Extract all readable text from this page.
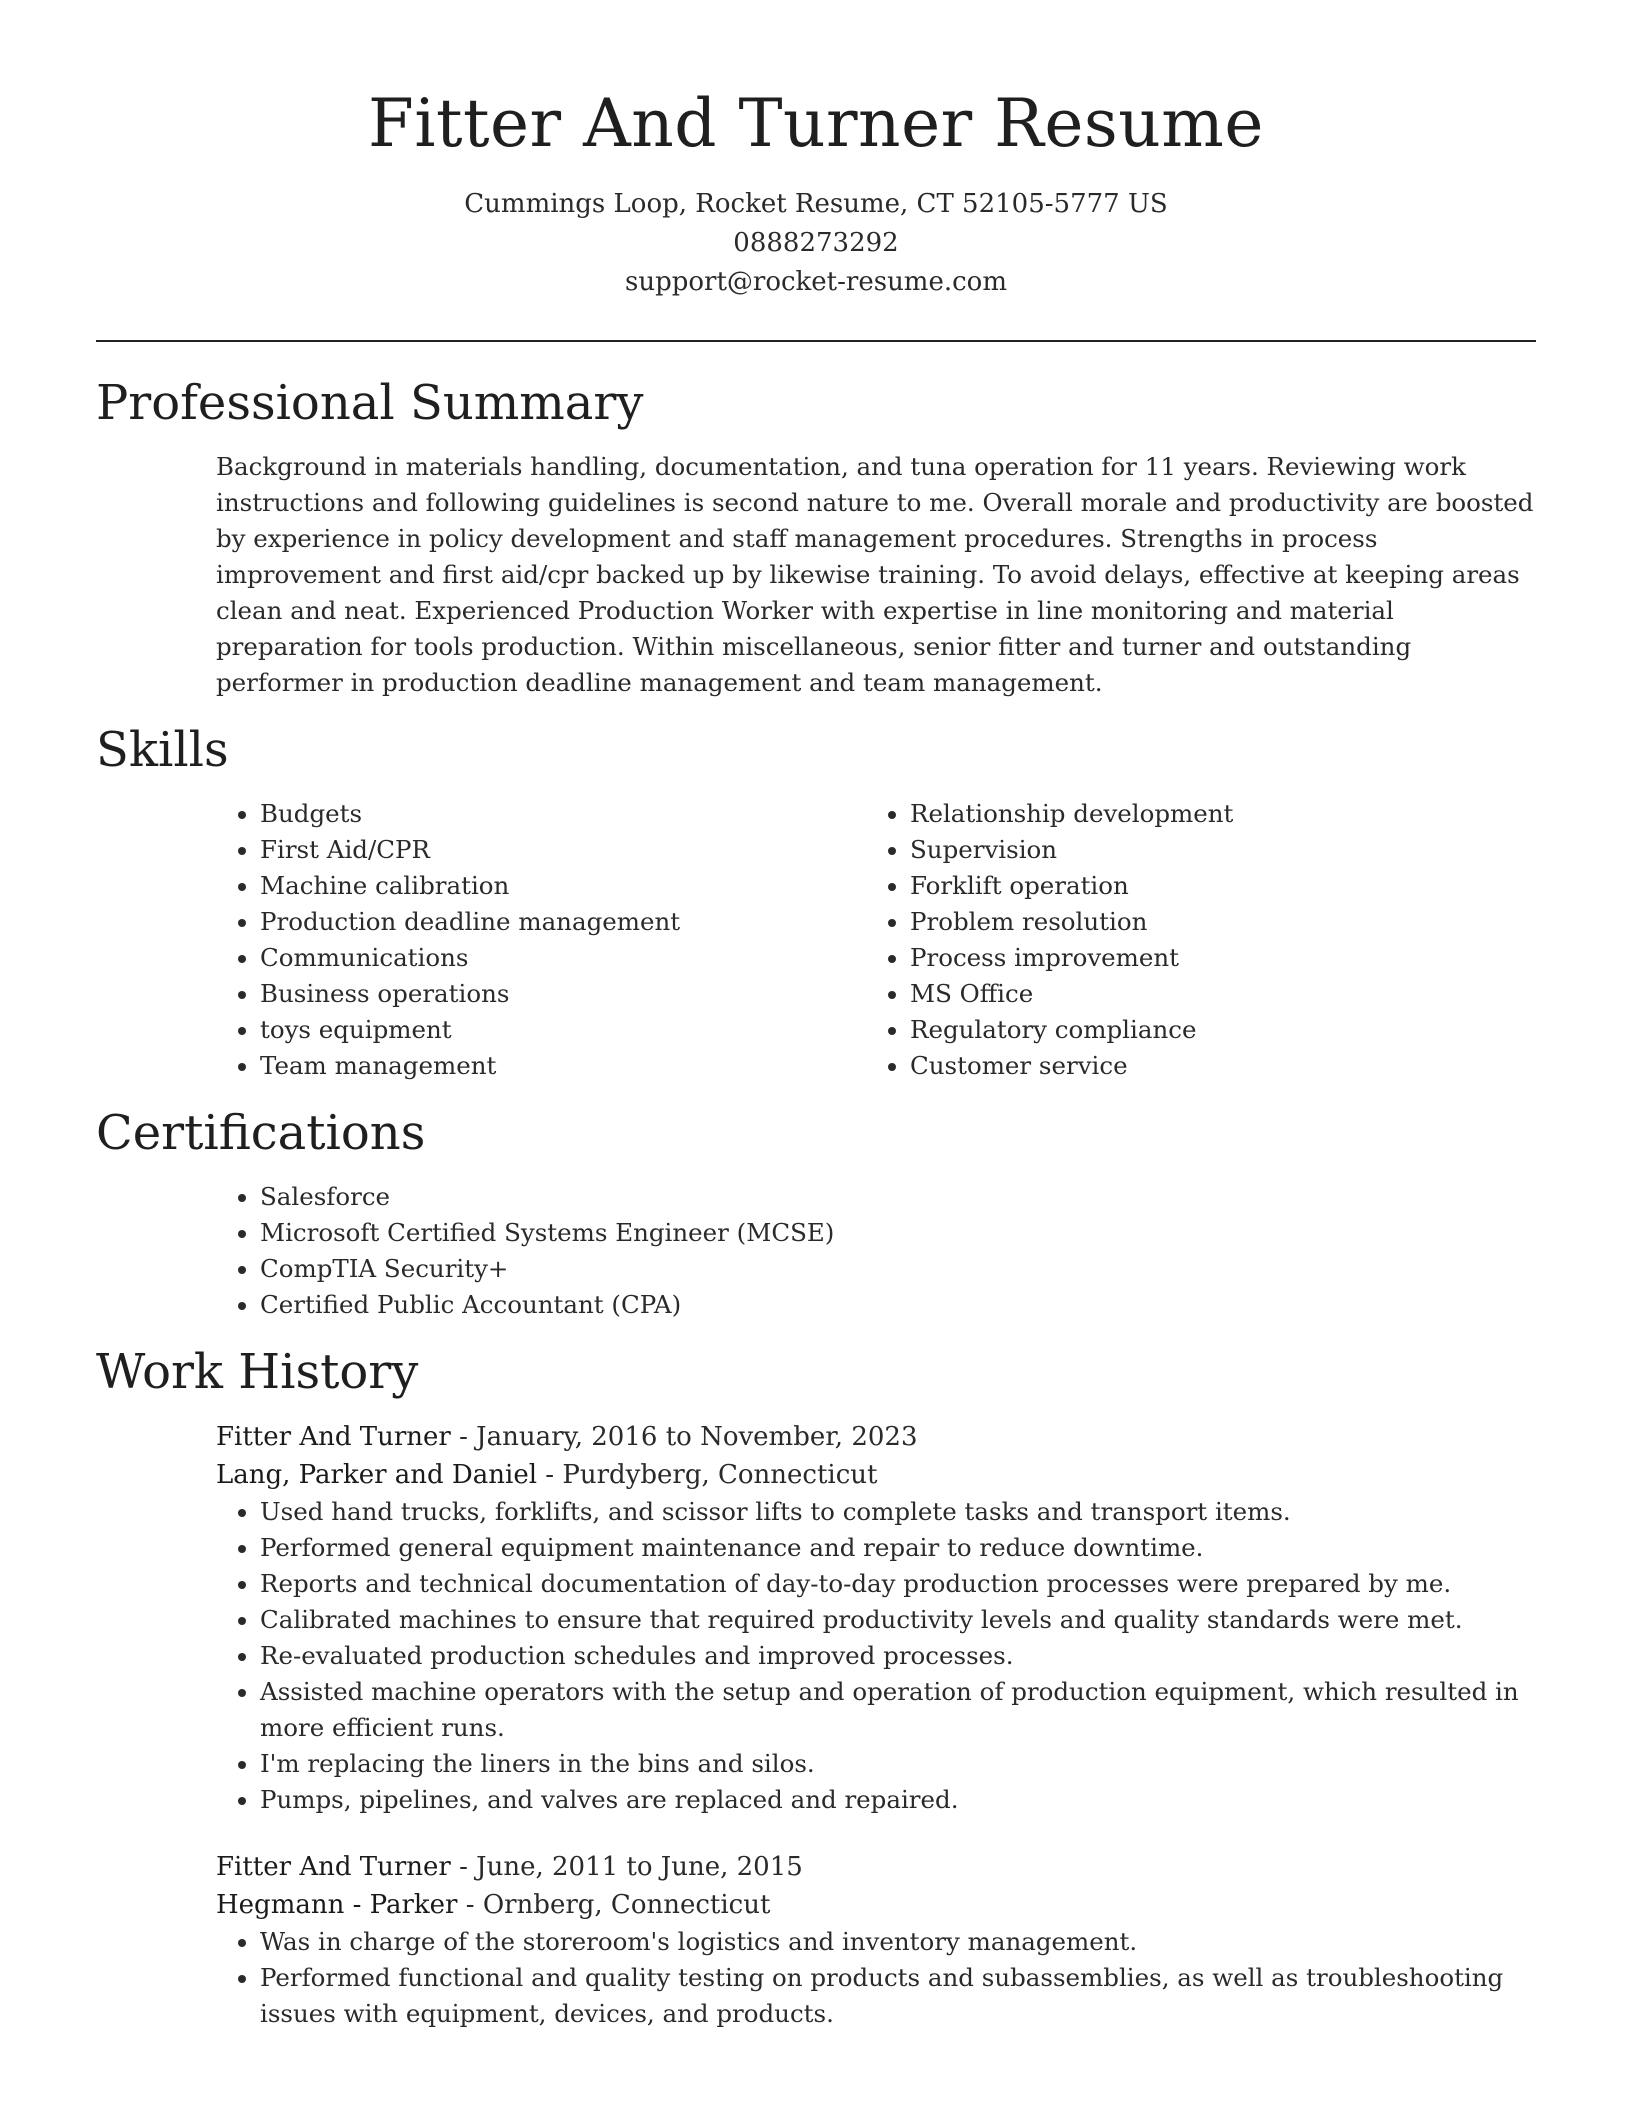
Fitter And Turner Resume
Cummings Loop, Rocket Resume, CT 52105-5777 US
0888273292
support@rocket-resume.com
Professional Summary
Background in materials handling, documentation, and tuna operation for 11 years. Reviewing work instructions and following guidelines is second nature to me. Overall morale and productivity are boosted by experience in policy development and staff management procedures. Strengths in process improvement and first aid/cpr backed up by likewise training. To avoid delays, effective at keeping areas clean and neat. Experienced Production Worker with expertise in line monitoring and material preparation for tools production. Within miscellaneous, senior fitter and turner and outstanding performer in production deadline management and team management.
Skills
• Budgets
• First Aid/CPR
• Machine calibration
• Production deadline management
• Communications
• Business operations
• toys equipment
• Team management
• Relationship development
• Supervision
• Forklift operation
• Problem resolution
• Process improvement
• MS Office
• Regulatory compliance
• Customer service
Certifications
• Salesforce
• Microsoft Certified Systems Engineer (MCSE)
• CompTIA Security+
• Certified Public Accountant (CPA)
Work History
Fitter And Turner - January, 2016 to November, 2023
Lang, Parker and Daniel - Purdyberg, Connecticut
• Used hand trucks, forklifts, and scissor lifts to complete tasks and transport items.
• Performed general equipment maintenance and repair to reduce downtime.
• Reports and technical documentation of day-to-day production processes were prepared by me.
• Calibrated machines to ensure that required productivity levels and quality standards were met.
• Re-evaluated production schedules and improved processes.
• Assisted machine operators with the setup and operation of production equipment, which resulted in more efficient runs.
• I'm replacing the liners in the bins and silos.
• Pumps, pipelines, and valves are replaced and repaired.
Fitter And Turner - June, 2011 to June, 2015
Hegmann - Parker - Ornberg, Connecticut
• Was in charge of the storeroom's logistics and inventory management.
• Performed functional and quality testing on products and subassemblies, as well as troubleshooting issues with equipment, devices, and products.
